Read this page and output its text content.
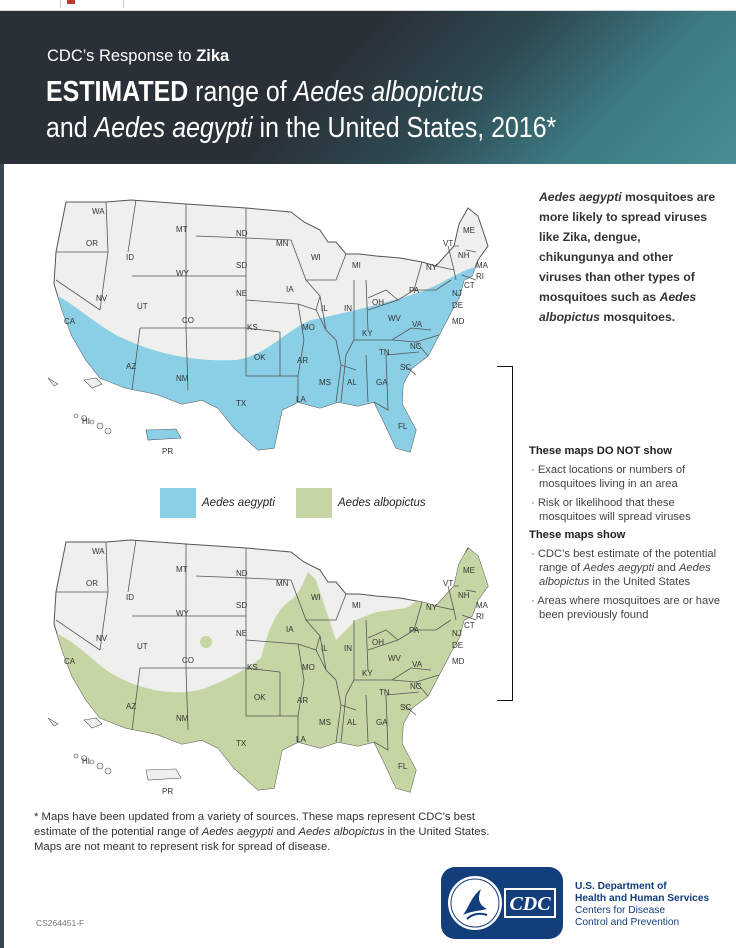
CDC’s Response to Zika
ESTIMATED range of Aedes albopictus
and Aedes aegypti in the United States, 2016*
WA
OR
ID
MT
WY
ND
SD
NE
MN
IA
WI
MI
IL IN
OH
PA
NY
VT
NH
ME
MA
RI
CT
NJ
DE
MD
WV
VA
KY
TN
NC
SC
GA
AL
MS
LA
AR
MO
KS
OK
TX
NM
AZ
CO
UT
NV
CA
FL
HI
PR
WA
OR
ID
MT
WY
ND
SD
NE
MN
IA
WI
MI
IL IN
OH
PA
NY
VT
NH
ME
MA
RI
CT
NJ
DE
MD
WV
VA
KY
TN
NC
SC
GA
AL
MS
LA
AR
MO
KS
OK
TX
NM
AZ
CO
UT
NV
CA
FL
HI
PR
Aedes aegypti	Aedes albopictus
Aedes aegypti mosquitoes are more likely to spread viruses like Zika, dengue, chikungunya and other viruses than other types of mosquitoes such as Aedes albopictus mosquitoes.
These maps DO NOT show
· Exact locations or numbers of mosquitoes living in an area
· Risk or likelihood that these mosquitoes will spread viruses
These maps show
· CDC’s best estimate of the potential range of Aedes aegypti and Aedes albopictus in the United States
· Areas where mosquitoes are or have been previously found
* Maps have been updated from a variety of sources. These maps represent CDC’s best estimate of the potential range of Aedes aegypti and Aedes albopictus in the United States. Maps are not meant to represent risk for spread of disease.
CS264451-F
CDC
U.S. Department of
Health and Human Services
Centers for Disease
Control and Prevention
